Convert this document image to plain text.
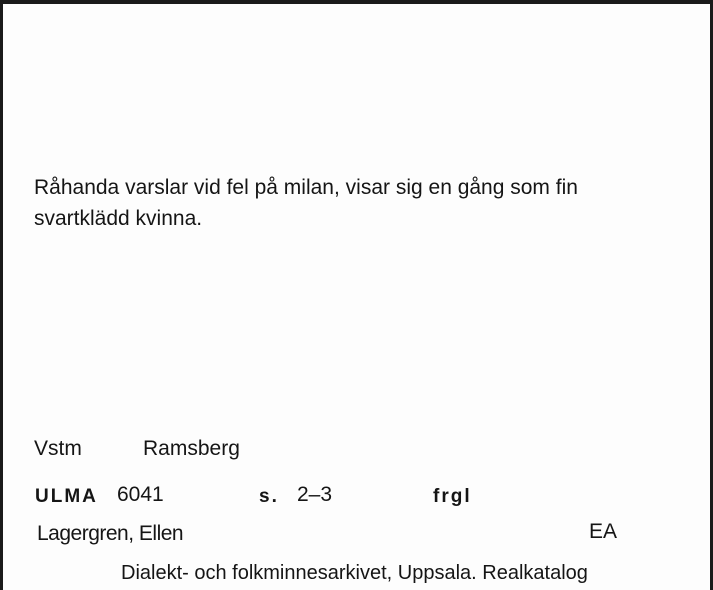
Råhanda varslar vid fel på milan, visar sig en gång som fin svartklädd kvinna.
Vstm	Ramsberg
ULMA 6041	s. 2–3	frgl
Lagergren, Ellen	EA
Dialekt- och folkminnesarkivet, Uppsala. Realkatalog
